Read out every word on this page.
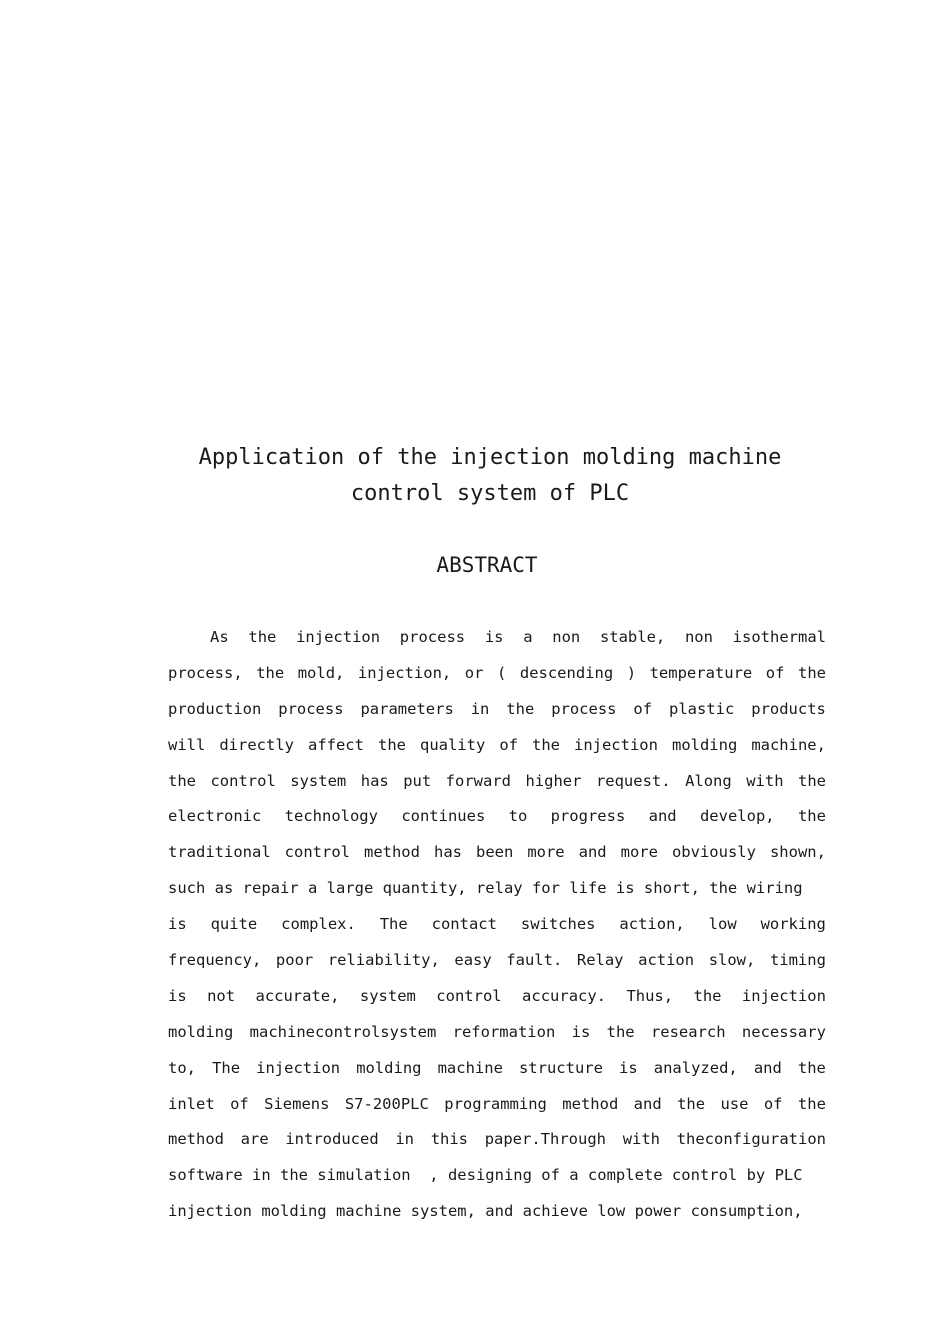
Application of the injection molding machine
control system of PLC
ABSTRACT
As the injection process is a non stable, non isothermal
process, the mold, injection, or ( descending ) temperature of the
production process parameters in the process of plastic products
will directly affect the quality of the injection molding machine,
the control system has put forward higher request. Along with the
electronic technology continues to progress and develop, the
traditional control method has been more and more obviously shown,
such as repair a large quantity, relay for life is short, the wiring
is quite complex. The contact switches action, low working
frequency, poor reliability, easy fault. Relay action slow, timing
is not accurate, system control accuracy. Thus, the injection
molding machinecontrolsystem reformation is the research necessary
to, The injection molding machine structure is analyzed, and the
inlet of Siemens S7-200PLC programming method and the use of the
method are introduced in this paper.Through with theconfiguration
software in the simulation  , designing of a complete control by PLC
injection molding machine system, and achieve low power consumption,
